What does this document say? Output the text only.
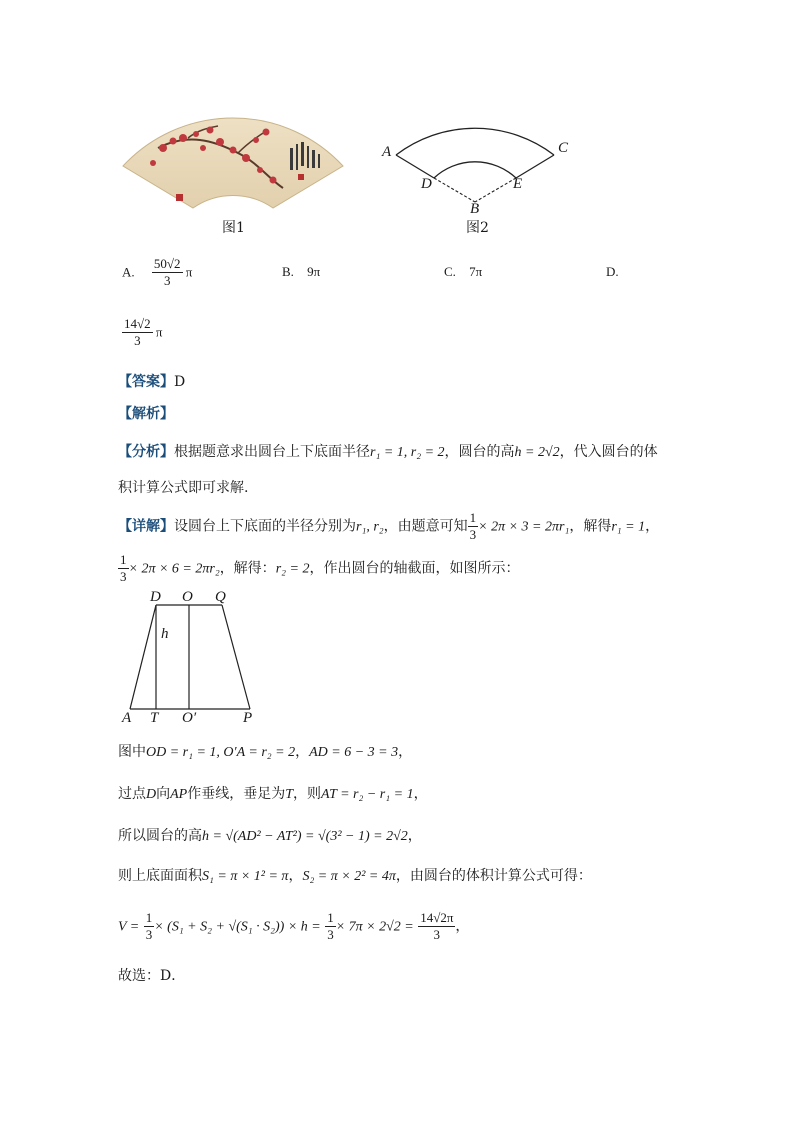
图1
A	C
D	E
B
图2
A. $\frac{50√2}{3}$ π	B. 9π	C. 7π	D.
$\frac{14√2}{3}$ π
【答案】D
【解析】
【分析】根据题意求出圆台上下底面半径r₁ = 1, r₂ = 2，圆台的高h = 2√2，代入圆台的体
积计算公式即可求解.
【详解】设圆台上下底面的半径分别为r₁, r₂，由题意可知 $\frac{1}{3} \times 2\pi \times 3 = 2\pi r_1$，解得r₁ = 1，
$\frac{1}{3} \times 2\pi \times 6 = 2\pi r_2$，解得：r₂ = 2，作出圆台的轴截面，如图所示：
D O Q
h
A T O′	P
图中OD = r₁ = 1, O′A = r₂ = 2，AD = 6 − 3 = 3，
过点D向AP作垂线，垂足为T，则AT = r₂ − r₁ = 1，
所以圆台的高h = √(AD² − AT²) = √(3² − 1) = 2√2，
则上底面面积S₁ = π × 1² = π，S₂ = π × 2² = 4π，由圆台的体积计算公式可得：
$V = \frac{1}{3} \times (S_1 + S_2 + √(S_1 \cdot S_2)) \times h = \frac{1}{3} \times 7\pi \times 2√2 = \frac{14√2\pi}{3}$ ，
故选：D．
